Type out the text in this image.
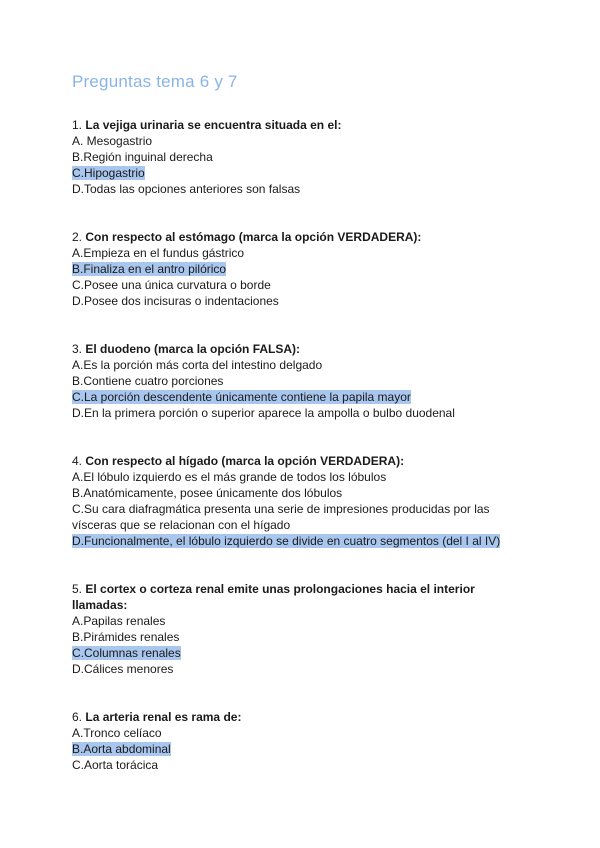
Preguntas tema 6 y 7

1. La vejiga urinaria se encuentra situada en el:

A. Mesogastrio

B.Región inguinal derecha

C.Hipogastrio

D.Todas las opciones anteriores son falsas

2. Con respecto al estómago (marca la opción VERDADERA):

A.Empieza en el fundus gástrico

B.Finaliza en el antro pilórico

C.Posee una única curvatura o borde

D.Posee dos incisuras o indentaciones

3. El duodeno (marca la opción FALSA):

A.Es la porción más corta del intestino delgado

B.Contiene cuatro porciones

C.La porción descendente únicamente contiene la papila mayor

D.En la primera porción o superior aparece la ampolla o bulbo duodenal

4. Con respecto al hígado (marca la opción VERDADERA):

A.El lóbulo izquierdo es el más grande de todos los lóbulos

B.Anatómicamente, posee únicamente dos lóbulos

C.Su cara diafragmática presenta una serie de impresiones producidas por las vísceras que se relacionan con el hígado

D.Funcionalmente, el lóbulo izquierdo se divide en cuatro segmentos (del I al IV)

5. El cortex o corteza renal emite unas prolongaciones hacia el interior llamadas:

A.Papilas renales

B.Pirámides renales

C.Columnas renales

D.Cálices menores

6. La arteria renal es rama de:

A.Tronco celíaco

B.Aorta abdominal

C.Aorta torácica
